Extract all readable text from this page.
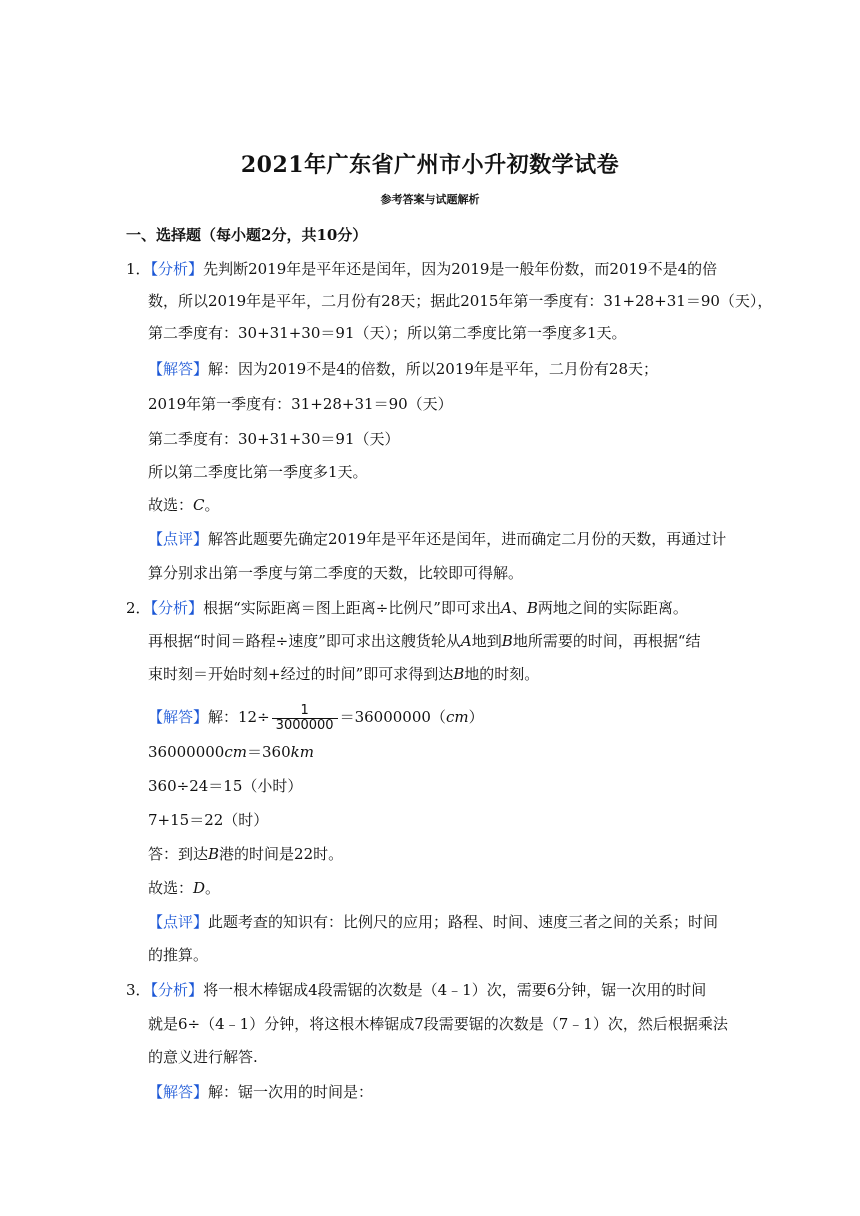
2021年广东省广州市小升初数学试卷
参考答案与试题解析
一、选择题（每小题2分，共10分）
1．【分析】先判断2019年是平年还是闰年，因为2019是一般年份数，而2019不是4的倍
数，所以2019年是平年，二月份有28天；据此2015年第一季度有：31+28+31＝90（天），
第二季度有：30+31+30＝91（天）；所以第二季度比第一季度多1天。
【解答】解：因为2019不是4的倍数，所以2019年是平年，二月份有28天；
2019年第一季度有：31+28+31＝90（天）
第二季度有：30+31+30＝91（天）
所以第二季度比第一季度多1天。
故选：C。
【点评】解答此题要先确定2019年是平年还是闰年，进而确定二月份的天数，再通过计
算分别求出第一季度与第二季度的天数，比较即可得解。
2．【分析】根据“实际距离＝图上距离÷比例尺”即可求出A、B两地之间的实际距离。
再根据“时间＝路程÷速度”即可求出这艘货轮从A地到B地所需要的时间，再根据“结
束时刻＝开始时刻+经过的时间”即可求得到达B地的时刻。
【解答】解：$12\div \frac{1}{3000000} =36000000(cm)$
36000000cm＝360km
360÷24＝15（小时）
7+15＝22（时）
答：到达B港的时间是22时。
故选：D。
【点评】此题考查的知识有：比例尺的应用；路程、时间、速度三者之间的关系；时间
的推算。
3．【分析】将一根木棒锯成4段需锯的次数是（4﹣1）次，需要6分钟，锯一次用的时间
就是6÷（4﹣1）分钟，将这根木棒锯成7段需要锯的次数是（7﹣1）次，然后根据乘法
的意义进行解答.
【解答】解：锯一次用的时间是：
